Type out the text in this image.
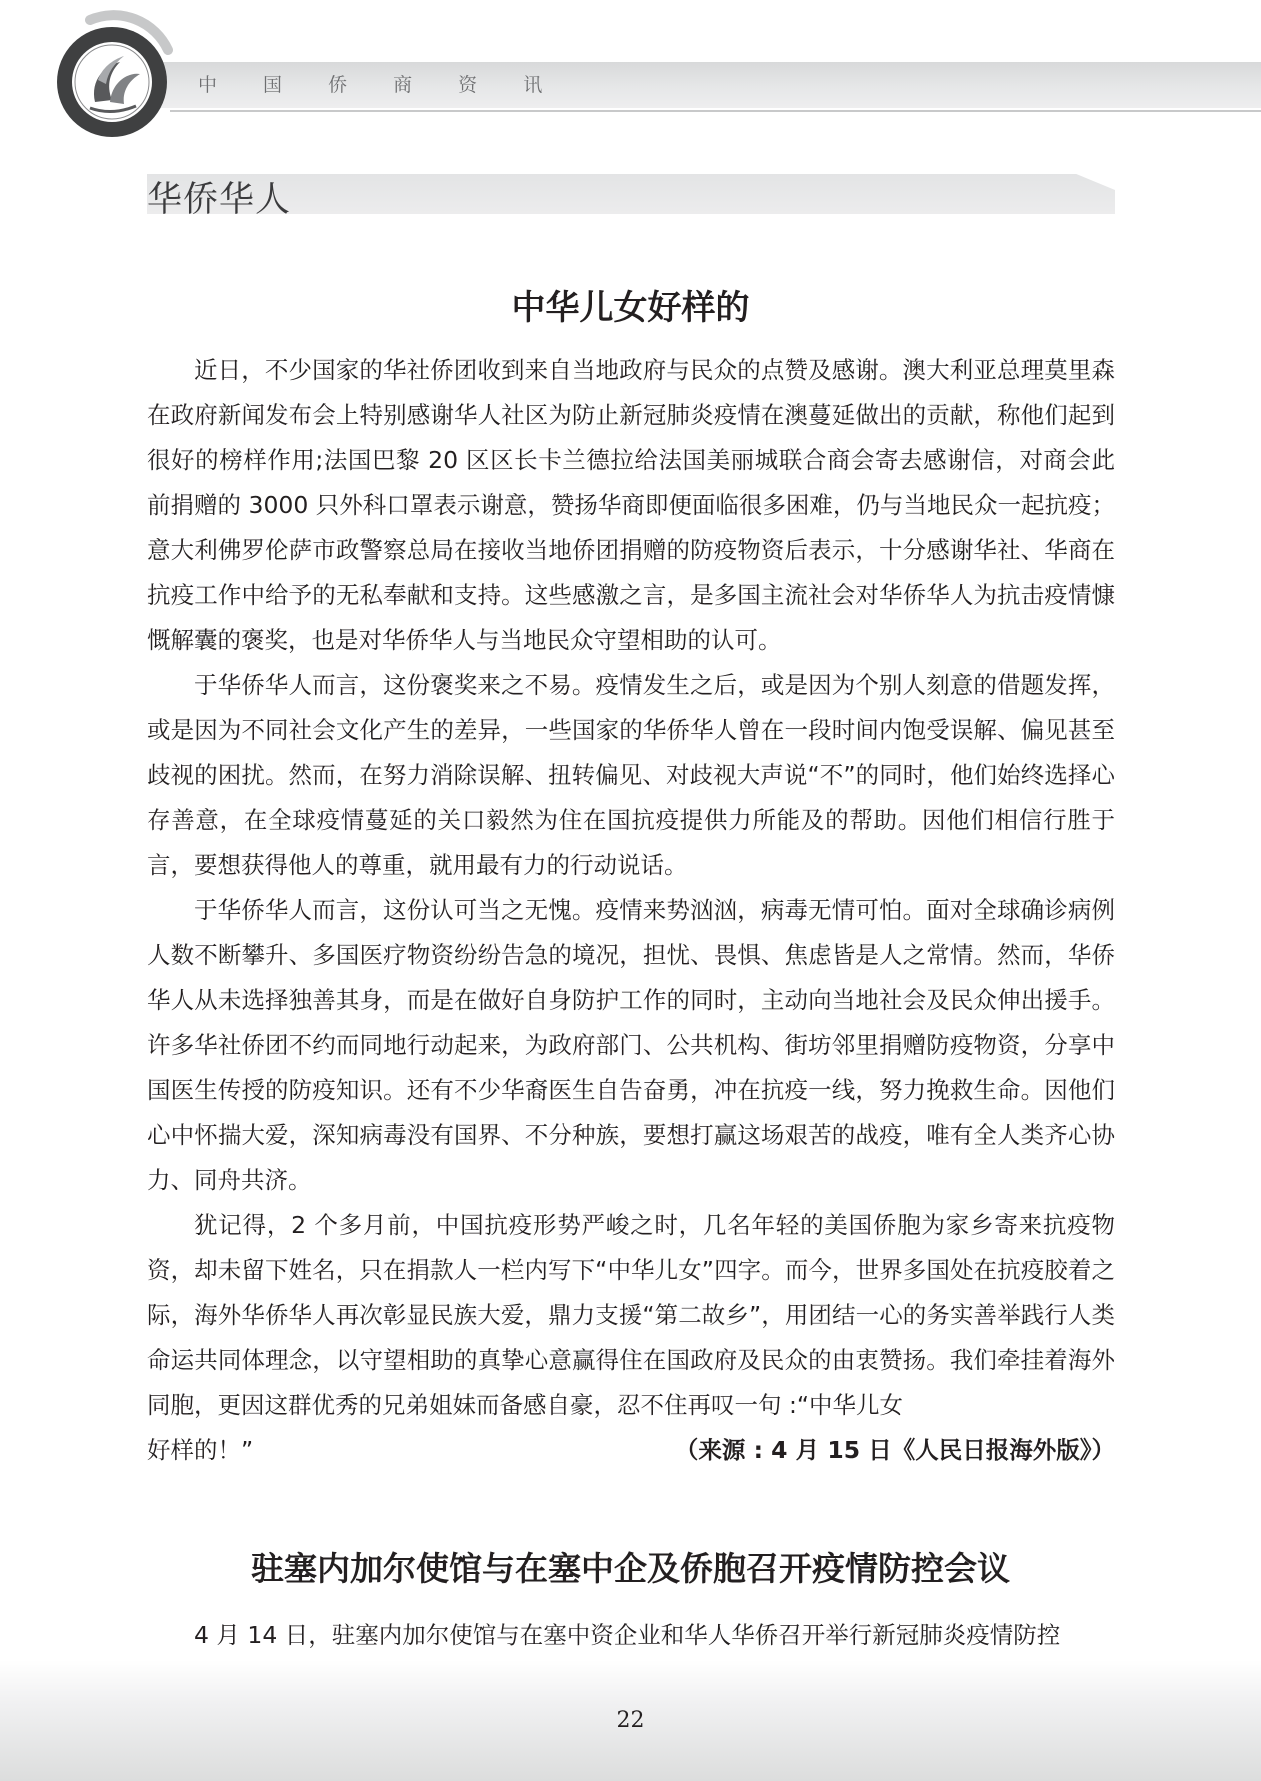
中 国 侨 商 资 讯
华侨华人
中华儿女好样的

近日，不少国家的华社侨团收到来自当地政府与民众的点赞及感谢。澳大利亚总理莫里森在政府新闻发布会上特别感谢华人社区为防止新冠肺炎疫情在澳蔓延做出的贡献，称他们起到很好的榜样作用;法国巴黎 20 区区长卡兰德拉给法国美丽城联合商会寄去感谢信，对商会此前捐赠的 3000 只外科口罩表示谢意，赞扬华商即便面临很多困难，仍与当地民众一起抗疫；意大利佛罗伦萨市政警察总局在接收当地侨团捐赠的防疫物资后表示，十分感谢华社、华商在抗疫工作中给予的无私奉献和支持。这些感激之言，是多国主流社会对华侨华人为抗击疫情慷慨解囊的褒奖，也是对华侨华人与当地民众守望相助的认可。

于华侨华人而言，这份褒奖来之不易。疫情发生之后，或是因为个别人刻意的借题发挥，或是因为不同社会文化产生的差异，一些国家的华侨华人曾在一段时间内饱受误解、偏见甚至歧视的困扰。然而，在努力消除误解、扭转偏见、对歧视大声说“不”的同时，他们始终选择心存善意，在全球疫情蔓延的关口毅然为住在国抗疫提供力所能及的帮助。因他们相信行胜于言，要想获得他人的尊重，就用最有力的行动说话。

于华侨华人而言，这份认可当之无愧。疫情来势汹汹，病毒无情可怕。面对全球确诊病例人数不断攀升、多国医疗物资纷纷告急的境况，担忧、畏惧、焦虑皆是人之常情。然而，华侨华人从未选择独善其身，而是在做好自身防护工作的同时，主动向当地社会及民众伸出援手。许多华社侨团不约而同地行动起来，为政府部门、公共机构、街坊邻里捐赠防疫物资，分享中国医生传授的防疫知识。还有不少华裔医生自告奋勇，冲在抗疫一线，努力挽救生命。因他们心中怀揣大爱，深知病毒没有国界、不分种族，要想打赢这场艰苦的战疫，唯有全人类齐心协力、同舟共济。

犹记得，2 个多月前，中国抗疫形势严峻之时，几名年轻的美国侨胞为家乡寄来抗疫物资，却未留下姓名，只在捐款人一栏内写下“中华儿女”四字。而今，世界多国处在抗疫胶着之际，海外华侨华人再次彰显民族大爱，鼎力支援“第二故乡”，用团结一心的务实善举践行人类命运共同体理念，以守望相助的真挚心意赢得住在国政府及民众的由衷赞扬。我们牵挂着海外同胞，更因这群优秀的兄弟姐妹而备感自豪，忍不住再叹一句 :“中华儿女

好样的！”	（来源 : 4 月 15 日《人民日报海外版》）
驻塞内加尔使馆与在塞中企及侨胞召开疫情防控会议

4 月 14 日，驻塞内加尔使馆与在塞中资企业和华人华侨召开举行新冠肺炎疫情防控

22
